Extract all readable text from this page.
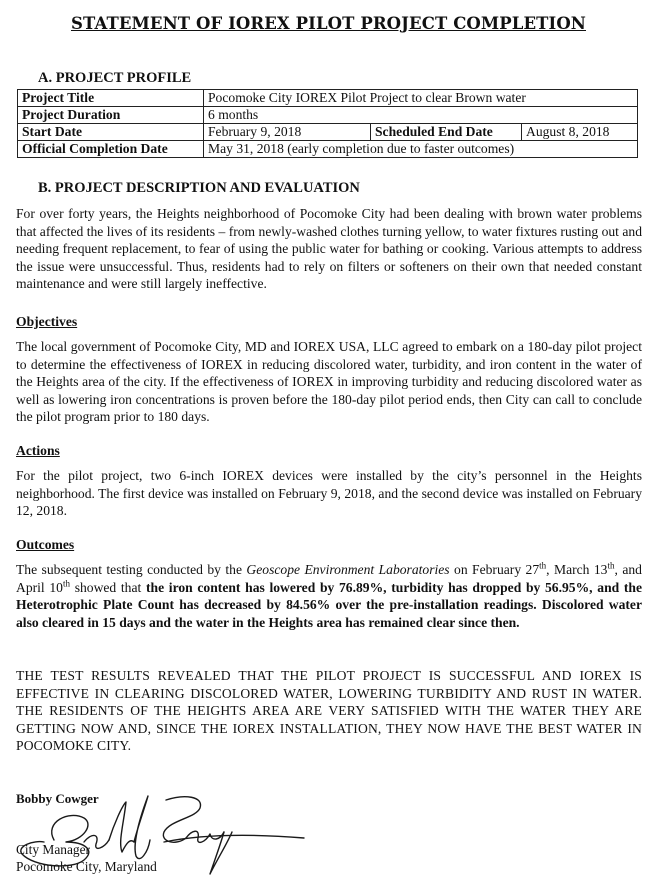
STATEMENT OF IOREX PILOT PROJECT COMPLETION
A. PROJECT PROFILE
Project Title	Pocomoke City IOREX Pilot Project to clear Brown water		
Project Duration	6 months		
Start Date	February 9, 2018	Scheduled End Date	August 8, 2018
Official Completion Date	May 31, 2018 (early completion due to faster outcomes)		
B. PROJECT DESCRIPTION AND EVALUATION

For over forty years, the Heights neighborhood of Pocomoke City had been dealing with brown water problems that affected the lives of its residents – from newly-washed clothes turning yellow, to water fixtures rusting out and needing frequent replacement, to fear of using the public water for bathing or cooking. Various attempts to address the issue were unsuccessful. Thus, residents had to rely on filters or softeners on their own that needed constant maintenance and were still largely ineffective.

Objectives

The local government of Pocomoke City, MD and IOREX USA, LLC agreed to embark on a 180-day pilot project to determine the effectiveness of IOREX in reducing discolored water, turbidity, and iron content in the water of the Heights area of the city. If the effectiveness of IOREX in improving turbidity and reducing discolored water as well as lowering iron concentrations is proven before the 180-day pilot period ends, then City can call to conclude the pilot program prior to 180 days.

Actions

For the pilot project, two 6-inch IOREX devices were installed by the city’s personnel in the Heights neighborhood. The first device was installed on February 9, 2018, and the second device was installed on February 12, 2018.

Outcomes

The subsequent testing conducted by the Geoscope Environment Laboratories on February 27th, March 13th, and April 10th showed that the iron content has lowered by 76.89%, turbidity has dropped by 56.95%, and the Heterotrophic Plate Count has decreased by 84.56% over the pre-installation readings. Discolored water also cleared in 15 days and the water in the Heights area has remained clear since then.

THE TEST RESULTS REVEALED THAT THE PILOT PROJECT IS SUCCESSFUL AND IOREX IS EFFECTIVE IN CLEARING DISCOLORED WATER, LOWERING TURBIDITY AND RUST IN WATER. THE RESIDENTS OF THE HEIGHTS AREA ARE VERY SATISFIED WITH THE WATER THEY ARE GETTING NOW AND, SINCE THE IOREX INSTALLATION, THEY NOW HAVE THE BEST WATER IN POCOMOKE CITY.

Bobby Cowger
City Manager
Pocomoke City, Maryland
